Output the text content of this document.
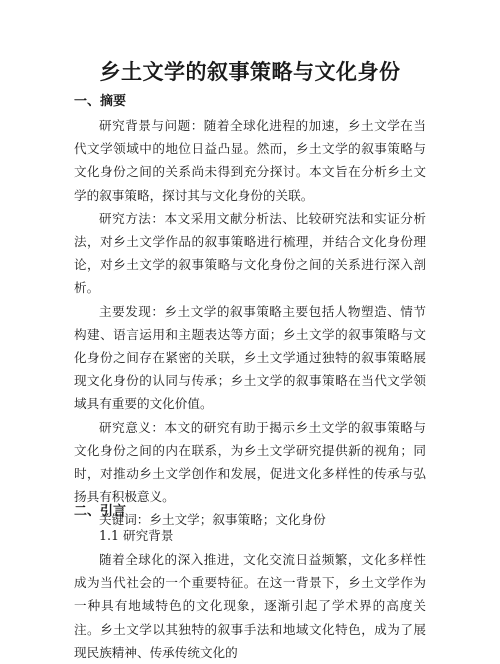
乡土文学的叙事策略与文化身份
一、摘要

研究背景与问题：随着全球化进程的加速，乡土文学在当代文学领域中的地位日益凸显。然而，乡土文学的叙事策略与文化身份之间的关系尚未得到充分探讨。本文旨在分析乡土文学的叙事策略，探讨其与文化身份的关联。

研究方法：本文采用文献分析法、比较研究法和实证分析法，对乡土文学作品的叙事策略进行梳理，并结合文化身份理论，对乡土文学的叙事策略与文化身份之间的关系进行深入剖析。

主要发现：乡土文学的叙事策略主要包括人物塑造、情节构建、语言运用和主题表达等方面；乡土文学的叙事策略与文化身份之间存在紧密的关联，乡土文学通过独特的叙事策略展现文化身份的认同与传承；乡土文学的叙事策略在当代文学领域具有重要的文化价值。

研究意义：本文的研究有助于揭示乡土文学的叙事策略与文化身份之间的内在联系，为乡土文学研究提供新的视角；同时，对推动乡土文学创作和发展，促进文化多样性的传承与弘扬具有积极意义。

关键词：乡土文学；叙事策略；文化身份

二、引言
1.1 研究背景

随着全球化的深入推进，文化交流日益频繁，文化多样性成为当代社会的一个重要特征。在这一背景下，乡土文学作为一种具有地域特色的文化现象，逐渐引起了学术界的高度关注。乡土文学以其独特的叙事手法和地域文化特色，成为了展现民族精神、传承传统文化的
